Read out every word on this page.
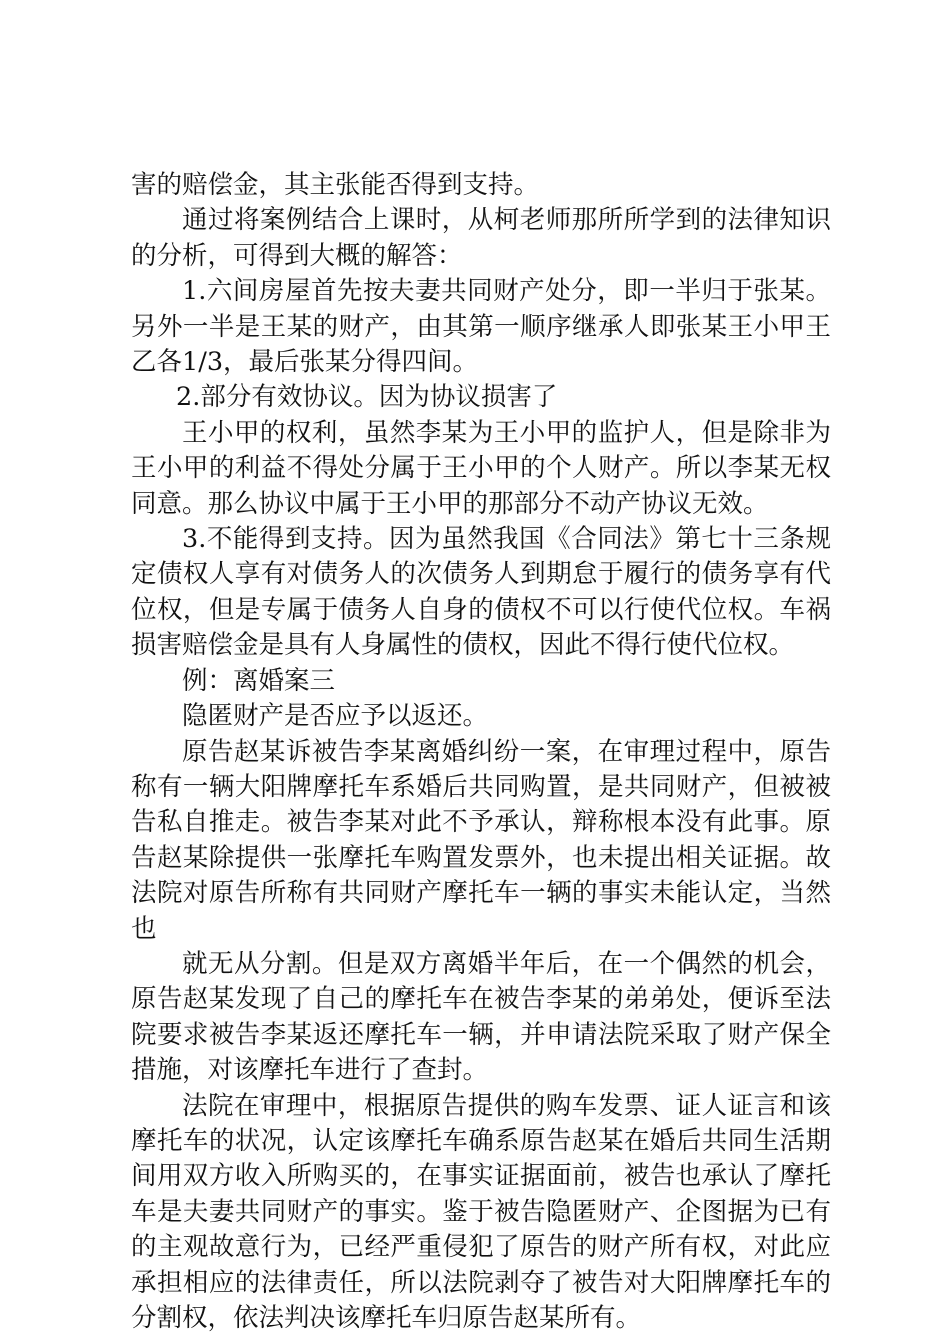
害的赔偿金，其主张能否得到支持。

通过将案例结合上课时，从柯老师那所所学到的法律知识的分析，可得到大概的解答：

1.六间房屋首先按夫妻共同财产处分，即一半归于张某。另外一半是王某的财产，由其第一顺序继承人即张某王小甲王乙各1/3，最后张某分得四间。

2.部分有效协议。因为协议损害了

王小甲的权利，虽然李某为王小甲的监护人，但是除非为王小甲的利益不得处分属于王小甲的个人财产。所以李某无权同意。那么协议中属于王小甲的那部分不动产协议无效。

3.不能得到支持。因为虽然我国《合同法》第七十三条规定债权人享有对债务人的次债务人到期怠于履行的债务享有代位权，但是专属于债务人自身的债权不可以行使代位权。车祸损害赔偿金是具有人身属性的债权，因此不得行使代位权。

例：离婚案三

隐匿财产是否应予以返还。

原告赵某诉被告李某离婚纠纷一案，在审理过程中，原告称有一辆大阳牌摩托车系婚后共同购置，是共同财产，但被被告私自推走。被告李某对此不予承认，辩称根本没有此事。原告赵某除提供一张摩托车购置发票外，也未提出相关证据。故法院对原告所称有共同财产摩托车一辆的事实未能认定，当然也

就无从分割。但是双方离婚半年后，在一个偶然的机会，原告赵某发现了自己的摩托车在被告李某的弟弟处，便诉至法院要求被告李某返还摩托车一辆，并申请法院采取了财产保全措施，对该摩托车进行了查封。

法院在审理中，根据原告提供的购车发票、证人证言和该摩托车的状况，认定该摩托车确系原告赵某在婚后共同生活期间用双方收入所购买的，在事实证据面前，被告也承认了摩托车是夫妻共同财产的事实。鉴于被告隐匿财产、企图据为已有的主观故意行为，已经严重侵犯了原告的财产所有权，对此应承担相应的法律责任，所以法院剥夺了被告对大阳牌摩托车的分割权，依法判决该摩托车归原告赵某所有。
